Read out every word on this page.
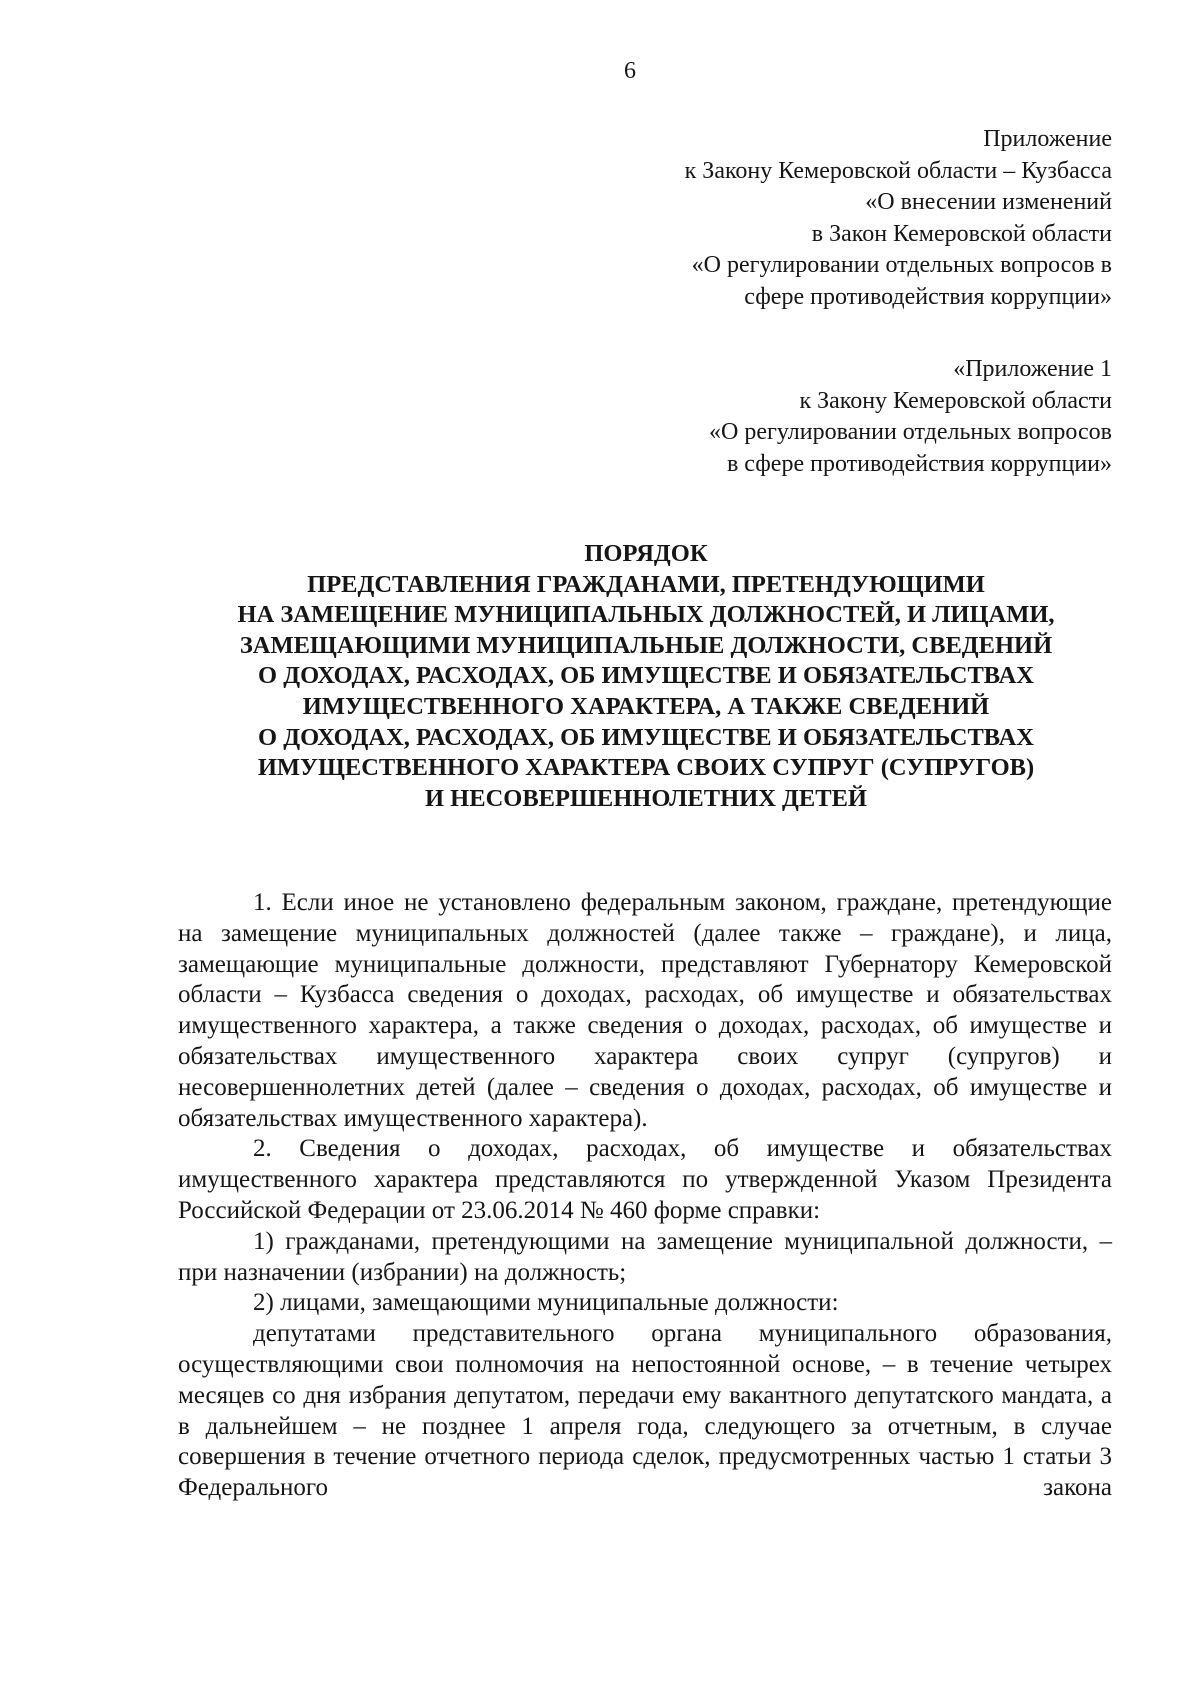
6
Приложение
к Закону Кемеровской области – Кузбасса
«О внесении изменений
в Закон Кемеровской области
«О регулировании отдельных вопросов в
сфере противодействия коррупции»
«Приложение 1
к Закону Кемеровской области
«О регулировании отдельных вопросов
в сфере противодействия коррупции»
ПОРЯДОК
ПРЕДСТАВЛЕНИЯ ГРАЖДАНАМИ, ПРЕТЕНДУЮЩИМИ
НА ЗАМЕЩЕНИЕ МУНИЦИПАЛЬНЫХ ДОЛЖНОСТЕЙ, И ЛИЦАМИ,
ЗАМЕЩАЮЩИМИ МУНИЦИПАЛЬНЫЕ ДОЛЖНОСТИ, СВЕДЕНИЙ
О ДОХОДАХ, РАСХОДАХ, ОБ ИМУЩЕСТВЕ И ОБЯЗАТЕЛЬСТВАХ
ИМУЩЕСТВЕННОГО ХАРАКТЕРА, А ТАКЖЕ СВЕДЕНИЙ
О ДОХОДАХ, РАСХОДАХ, ОБ ИМУЩЕСТВЕ И ОБЯЗАТЕЛЬСТВАХ
ИМУЩЕСТВЕННОГО ХАРАКТЕРА СВОИХ СУПРУГ (СУПРУГОВ)
И НЕСОВЕРШЕННОЛЕТНИХ ДЕТЕЙ

1. Если иное не установлено федеральным законом, граждане, претендующие на замещение муниципальных должностей (далее также – граждане), и лица, замещающие муниципальные должности, представляют Губернатору Кемеровской области – Кузбасса сведения о доходах, расходах, об имуществе и обязательствах имущественного характера, а также сведения о доходах, расходах, об имуществе и обязательствах имущественного характера своих супруг (супругов) и несовершеннолетних детей (далее – сведения о доходах, расходах, об имуществе и обязательствах имущественного характера).

2. Сведения о доходах, расходах, об имуществе и обязательствах имущественного характера представляются по утвержденной Указом Президента Российской Федерации от 23.06.2014 № 460 форме справки:

1) гражданами, претендующими на замещение муниципальной должности, – при назначении (избрании) на должность;

2) лицами, замещающими муниципальные должности:

депутатами представительного органа муниципального образования, осуществляющими свои полномочия на непостоянной основе, – в течение четырех месяцев со дня избрания депутатом, передачи ему вакантного депутатского мандата, а в дальнейшем – не позднее 1 апреля года, следующего за отчетным, в случае совершения в течение отчетного периода сделок, предусмотренных частью 1 статьи 3 Федерального закона
